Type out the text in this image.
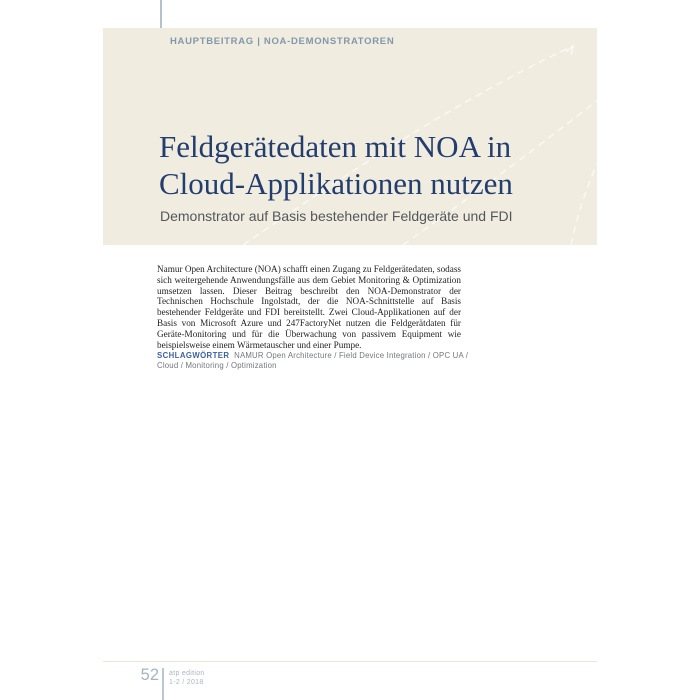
HAUPTBEITRAG | NOA-DEMONSTRATOREN
Feldgerätedaten mit NOA in
Cloud-Applikationen nutzen
Demonstrator auf Basis bestehender Feldgeräte und FDI

Namur Open Architecture (NOA) schafft einen Zugang zu Feldgerätedaten, sodass sich weitergehende Anwendungsfälle aus dem Gebiet Monitoring & Optimization umsetzen lassen. Dieser Beitrag beschreibt den NOA-Demonstrator der Technischen Hochschule Ingolstadt, der die NOA-Schnittstelle auf Basis bestehender Feldgeräte und FDI bereitstellt. Zwei Cloud-Applikationen auf der Basis von Microsoft Azure und 247FactoryNet nutzen die Feldgerätdaten für Geräte-Monitoring und für die Überwachung von passivem Equipment wie beispielsweise einem Wärmetauscher und einer Pumpe.

SCHLAGWÖRTER NAMUR Open Architecture / Field Device Integration / OPC UA / Cloud / Monitoring / Optimization

52 atp edition
1-2 / 2018
